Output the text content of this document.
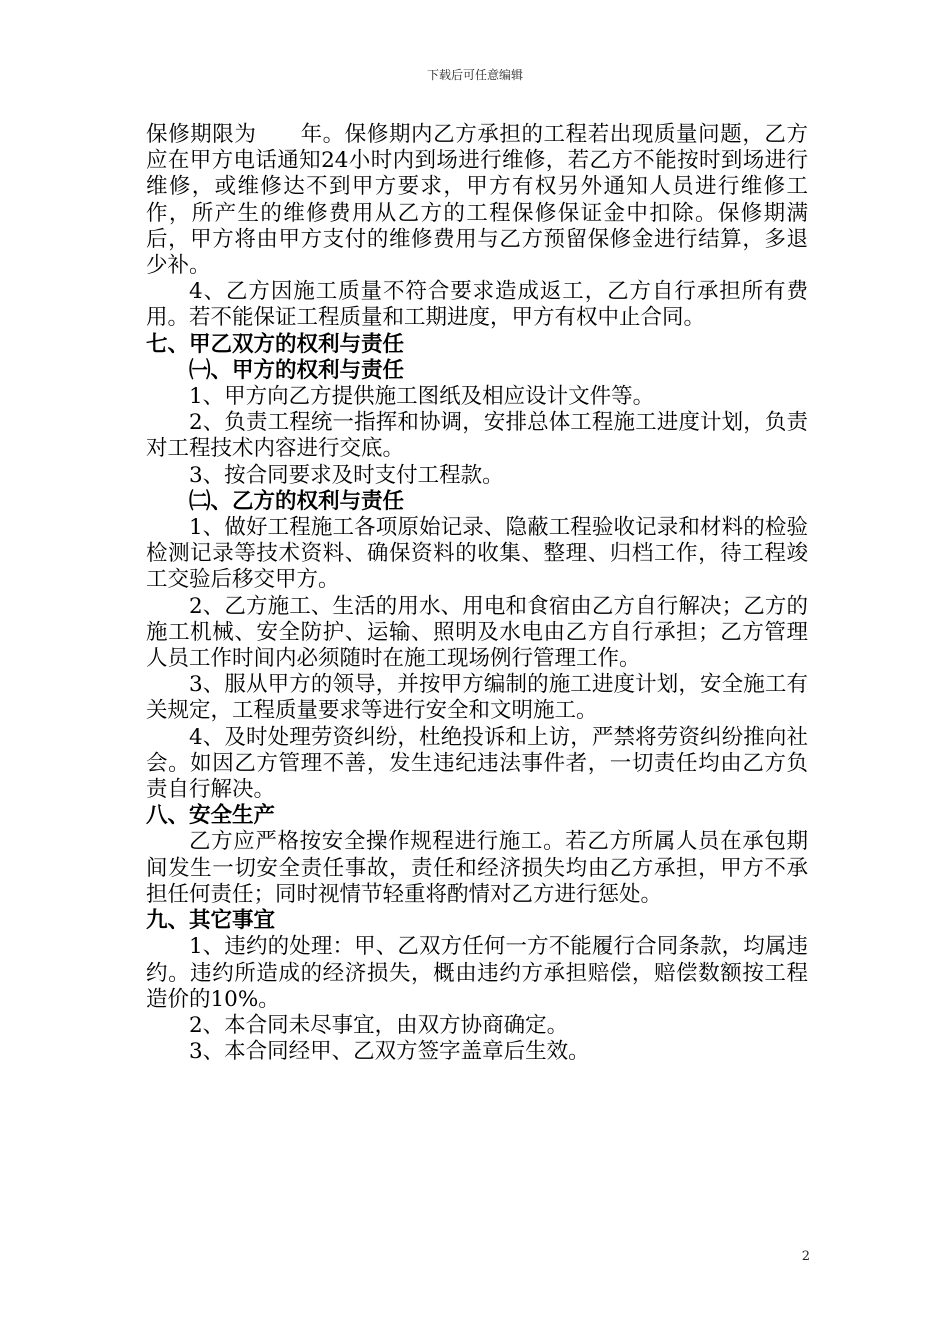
下载后可任意编辑

保修期限为　　年。保修期内乙方承担的工程若出现质量问题，乙方应在甲方电话通知24小时内到场进行维修，若乙方不能按时到场进行维修，或维修达不到甲方要求，甲方有权另外通知人员进行维修工作，所产生的维修费用从乙方的工程保修保证金中扣除。保修期满后，甲方将由甲方支付的维修费用与乙方预留保修金进行结算，多退少补。

4、乙方因施工质量不符合要求造成返工，乙方自行承担所有费用。若不能保证工程质量和工期进度，甲方有权中止合同。

七、甲乙双方的权利与责任

㈠、甲方的权利与责任

1、甲方向乙方提供施工图纸及相应设计文件等。

2、负责工程统一指挥和协调，安排总体工程施工进度计划，负责对工程技术内容进行交底。

3、按合同要求及时支付工程款。

㈡、乙方的权利与责任

1、做好工程施工各项原始记录、隐蔽工程验收记录和材料的检验检测记录等技术资料、确保资料的收集、整理、归档工作，待工程竣工交验后移交甲方。

2、乙方施工、生活的用水、用电和食宿由乙方自行解决；乙方的施工机械、安全防护、运输、照明及水电由乙方自行承担；乙方管理人员工作时间内必须随时在施工现场例行管理工作。

3、服从甲方的领导，并按甲方编制的施工进度计划，安全施工有关规定，工程质量要求等进行安全和文明施工。

4、及时处理劳资纠纷，杜绝投诉和上访，严禁将劳资纠纷推向社会。如因乙方管理不善，发生违纪违法事件者，一切责任均由乙方负责自行解决。

八、安全生产

乙方应严格按安全操作规程进行施工。若乙方所属人员在承包期间发生一切安全责任事故，责任和经济损失均由乙方承担，甲方不承担任何责任；同时视情节轻重将酌情对乙方进行惩处。

九、其它事宜

1、违约的处理：甲、乙双方任何一方不能履行合同条款，均属违约。违约所造成的经济损失，概由违约方承担赔偿，赔偿数额按工程造价的10%。

2、本合同未尽事宜，由双方协商确定。

3、本合同经甲、乙双方签字盖章后生效。

2
